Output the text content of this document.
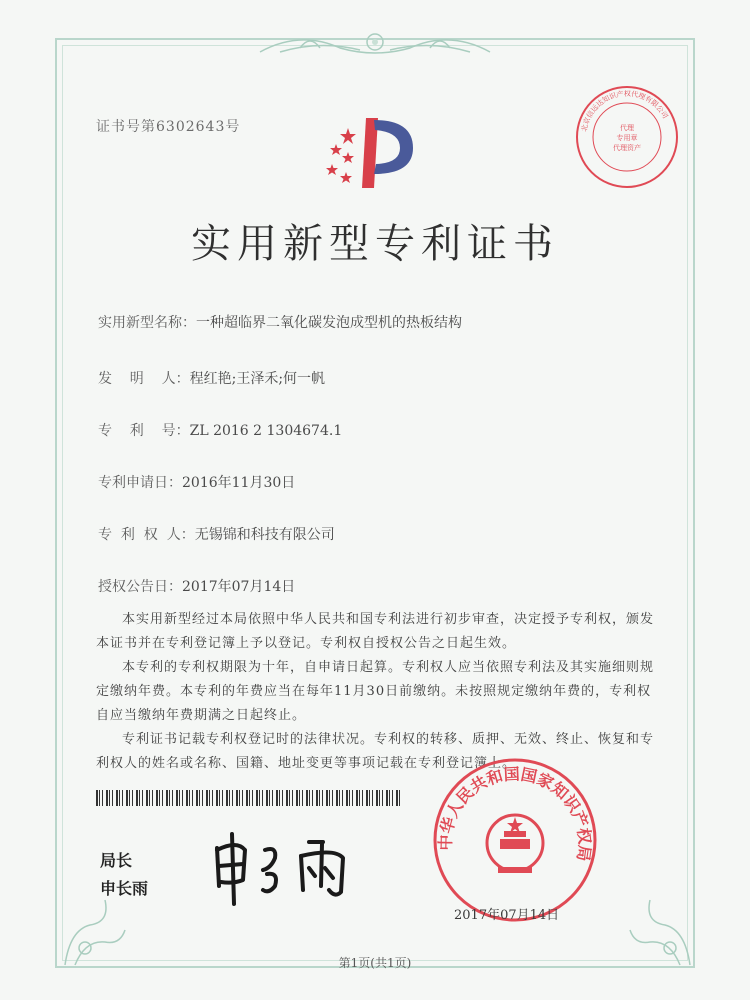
证书号第6302643号	代理
专用章
代理资产
北京信远达知识产权代理有限公司
实用新型专利证书
实用新型名称：一种超临界二氧化碳发泡成型机的热板结构
发    明    人：程红艳;王泽禾;何一帆
专    利    号：ZL 2016 2 1304674.1
专利申请日：2016年11月30日
专  利  权  人：无锡锦和科技有限公司
授权公告日：2017年07月14日

本实用新型经过本局依照中华人民共和国专利法进行初步审查，决定授予专利权，颁发本证书并在专利登记簿上予以登记。专利权自授权公告之日起生效。

本专利的专利权期限为十年，自申请日起算。专利权人应当依照专利法及其实施细则规定缴纳年费。本专利的年费应当在每年11月30日前缴纳。未按照规定缴纳年费的，专利权自应当缴纳年费期满之日起终止。

专利证书记载专利权登记时的法律状况。专利权的转移、质押、无效、终止、恢复和专利权人的姓名或名称、国籍、地址变更等事项记载在专利登记簿上。

局长
申长雨
中华人民共和国国家知识产权局
2017年07月14日
第1页(共1页)
